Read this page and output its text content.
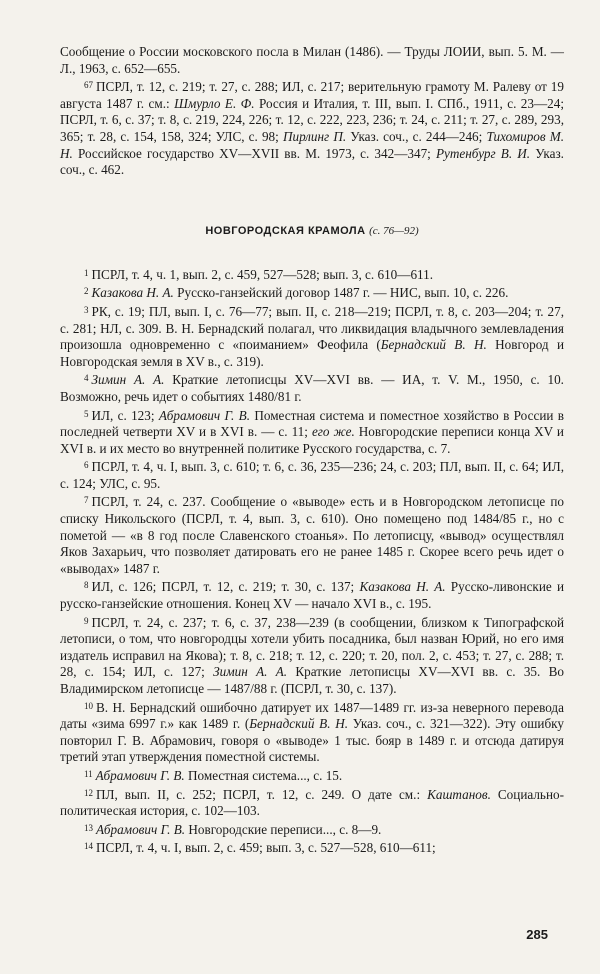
Сообщение о России московского посла в Милан (1486). — Труды ЛОИИ, вып. 5. М. — Л., 1963, с. 652—655.

$^{67}$ ПСРЛ, т. 12, с. 219; т. 27, с. 288; ИЛ, с. 217; верительную грамоту М. Ралеву от 19 августа 1487 г. см.: Шмурло Е. Ф. Россия и Италия, т. III, вып. I. СПб., 1911, с. 23—24; ПСРЛ, т. 6, с. 37; т. 8, с. 219, 224, 226; т. 12, с. 222, 223, 236; т. 24, с. 211; т. 27, с. 289, 293, 365; т. 28, с. 154, 158, 324; УЛС, с. 98; Пирлинг П. Указ. соч., с. 244—246; Тихомиров М. Н. Российское государство XV—XVII вв. М. 1973, с. 342—347; Рутенбург В. И. Указ. соч., с. 462.

НОВГОРОДСКАЯ КРАМОЛА (с. 76—92)

$^1$ ПСРЛ, т. 4, ч. 1, вып. 2, с. 459, 527—528; вып. 3, с. 610—611.

$^2$ Казакова Н. А. Русско-ганзейский договор 1487 г. — НИС, вып. 10, с. 226.

$^3$ РК, с. 19; ПЛ, вып. I, с. 76—77; вып. II, с. 218—219; ПСРЛ, т. 8, с. 203—204; т. 27, с. 281; НЛ, с. 309. В. Н. Бернадский полагал, что ликвидация владычного землевладения произошла одновременно с «поиманием» Феофила (Бернадский В. Н. Новгород и Новгородская земля в XV в., с. 319).

$^4$ Зимин А. А. Краткие летописцы XV—XVI вв. — ИА, т. V. М., 1950, с. 10. Возможно, речь идет о событиях 1480/81 г.

$^5$ ИЛ, с. 123; Абрамович Г. В. Поместная система и поместное хозяйство в России в последней четверти XV и в XVI в. — с. 11; его же. Новгородские переписи конца XV и XVI в. и их место во внутренней политике Русского государства, с. 7.

$^6$ ПСРЛ, т. 4, ч. I, вып. 3, с. 610; т. 6, с. 36, 235—236; 24, с. 203; ПЛ, вып. II, с. 64; ИЛ, с. 124; УЛС, с. 95.

$^7$ ПСРЛ, т. 24, с. 237. Сообщение о «выводе» есть и в Новгородском летописце по списку Никольского (ПСРЛ, т. 4, вып. 3, с. 610). Оно помещено под 1484/85 г., но с пометой — «в 8 год после Славенского стоанья». По летописцу, «вывод» осуществлял Яков Захарьич, что позволяет датировать его не ранее 1485 г. Скорее всего речь идет о «выводах» 1487 г.

$^8$ ИЛ, с. 126; ПСРЛ, т. 12, с. 219; т. 30, с. 137; Казакова Н. А. Русско-ливонские и русско-ганзейские отношения. Конец XV — начало XVI в., с. 195.

$^9$ ПСРЛ, т. 24, с. 237; т. 6, с. 37, 238—239 (в сообщении, близком к Типографской летописи, о том, что новгородцы хотели убить посадника, был назван Юрий, но его имя издатель исправил на Якова); т. 8, с. 218; т. 12, с. 220; т. 20, пол. 2, с. 453; т. 27, с. 288; т. 28, с. 154; ИЛ, с. 127; Зимин А. А. Краткие летописцы XV—XVI вв. с. 35. Во Владимирском летописце — 1487/88 г. (ПСРЛ, т. 30, с. 137).

$^{10}$ В. Н. Бернадский ошибочно датирует их 1487—1489 гг. из-за неверного перевода даты «зима 6997 г.» как 1489 г. (Бернадский В. Н. Указ. соч., с. 321—322). Эту ошибку повторил Г. В. Абрамович, говоря о «выводе» 1 тыс. бояр в 1489 г. и отсюда датируя третий этап утверждения поместной системы.

$^{11}$ Абрамович Г. В. Поместная система..., с. 15.

$^{12}$ ПЛ, вып. II, с. 252; ПСРЛ, т. 12, с. 249. О дате см.: Каштанов. Социально-политическая история, с. 102—103.

$^{13}$ Абрамович Г. В. Новгородские переписи..., с. 8—9.

$^{14}$ ПСРЛ, т. 4, ч. I, вып. 2, с. 459; вып. 3, с. 527—528, 610—611;

285
